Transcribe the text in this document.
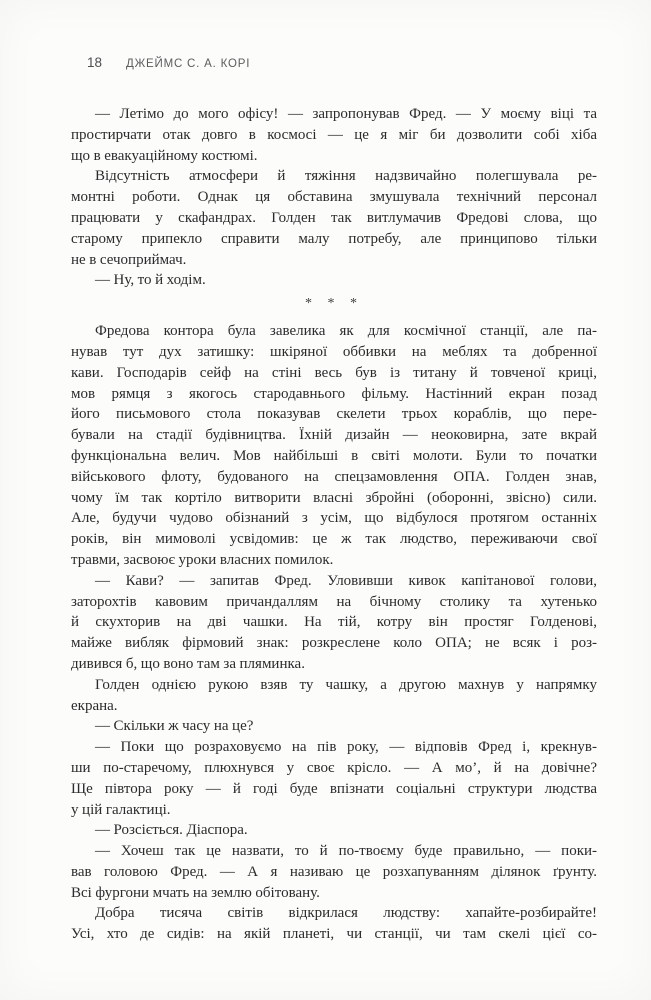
18 ДЖЕЙМС С. А. КОРІ
— Летімо до мого офісу! — запропонував Фред. — У моєму віці та
простирчати отак довго в космосі — це я міг би дозволити собі хіба
що в евакуаційному костюмі.
Відсутність атмосфери й тяжіння надзвичайно полегшувала ре-
монтні роботи. Однак ця обставина змушувала технічний персонал
працювати у скафандрах. Голден так витлумачив Фредові слова, що
старому припекло справити малу потребу, але принципово тільки
не в сечоприймач.
— Ну, то й ходім.
* * *
Фредова контора була завелика як для космічної станції, але па-
нував тут дух затишку: шкіряної оббивки на меблях та добренної
кави. Господарів сейф на стіні весь був із титану й товченої криці,
мов рямця з якогось стародавнього фільму. Настінний екран позад
його письмового стола показував скелети трьох кораблів, що пере-
бували на стадії будівництва. Їхній дизайн — неоковирна, зате вкрай
функціональна велич. Мов найбільші в світі молоти. Були то початки
військового флоту, будованого на спецзамовлення ОПА. Голден знав,
чому їм так кортіло витворити власні збройні (оборонні, звісно) сили.
Але, будучи чудово обізнаний з усім, що відбулося протягом останніх
років, він мимоволі усвідомив: це ж так людство, переживаючи свої
травми, засвоює уроки власних помилок.
— Кави? — запитав Фред. Уловивши кивок капітанової голови,
заторохтів кавовим причандаллям на бічному столику та хутенько
й скухторив на дві чашки. На тій, котру він простяг Голденові,
майже вибляк фірмовий знак: розкреслене коло ОПА; не всяк і роз-
дивився б, що воно там за пляминка.
Голден однією рукою взяв ту чашку, а другою махнув у напрямку
екрана.
— Скільки ж часу на це?
— Поки що розраховуємо на пів року, — відповів Фред і, крекнув-
ши по-старечому, плюхнувся у своє крісло. — А мо’, й на довічне?
Ще півтора року — й годі буде впізнати соціальні структури людства
у цій галактиці.
— Розсіється. Діаспора.
— Хочеш так це назвати, то й по-твоєму буде правильно, — поки-
вав головою Фред. — А я називаю це розхапуванням ділянок ґрунту.
Всі фургони мчать на землю обітовану.
Добра тисяча світів відкрилася людству: хапайте-розбирайте!
Усі, хто де сидів: на якій планеті, чи станції, чи там скелі цієї со-
